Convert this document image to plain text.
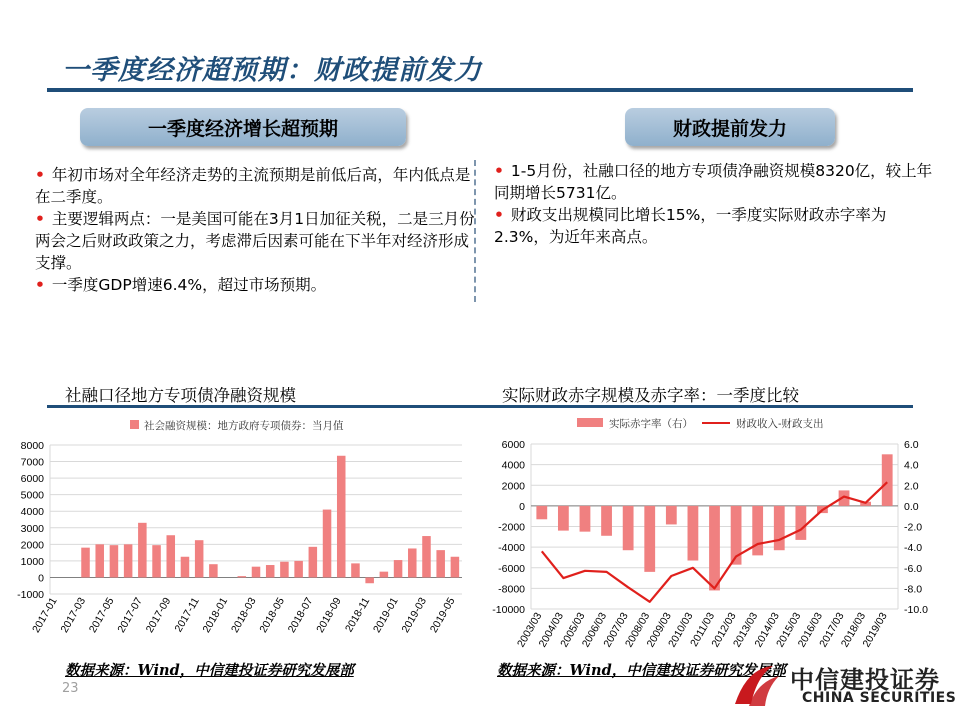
一季度经济超预期：财政提前发力
一季度经济增长超预期	财政提前发力
• 年初市场对全年经济走势的主流预期是前低后高，年内低点是在二季度。
• 主要逻辑两点：一是美国可能在3月1日加征关税，二是三月份两会之后财政政策之力，考虑滞后因素可能在下半年对经济形成支撑。
• 一季度GDP增速6.4%，超过市场预期。
• 1-5月份，社融口径的地方专项债净融资规模8320亿，较上年同期增长5731亿。
• 财政支出规模同比增长15%，一季度实际财政赤字率为2.3%，为近年来高点。
社融口径地方专项债净融资规模	实际财政赤字规模及赤字率：一季度比较
社会融资规模：地方政府专项债券：当月值
-1000
0
1000
2000
3000
4000
5000
6000
7000
8000
2017-01
2017-03
2017-05
2017-07
2017-09 2017-11
2018-01
2018-03
2018-05
2018-07
2018-09 2018-11
2019-01
2019-03
2019-05
实际赤字率（右）	财政收入-财政支出
-10000
-8000
-6000
-4000
-2000
0
2000
4000
6000
-10.0
-8.0
-6.0
-4.0
-2.0
0.0
2.0
4.0
6.0
2003/03
2004/03
2005/03
2006/03
2007/03
2008/03
2009/03
2010/03
2011/03
2012/03
2013/03
2014/03
2015/03
2016/03
2017/03
2018/03
2019/03
数据来源：Wind，中信建投证券研究发展部	数据来源：Wind，中信建投证券研究发展部
23	中信建投证券
CHINA SECURITIES
